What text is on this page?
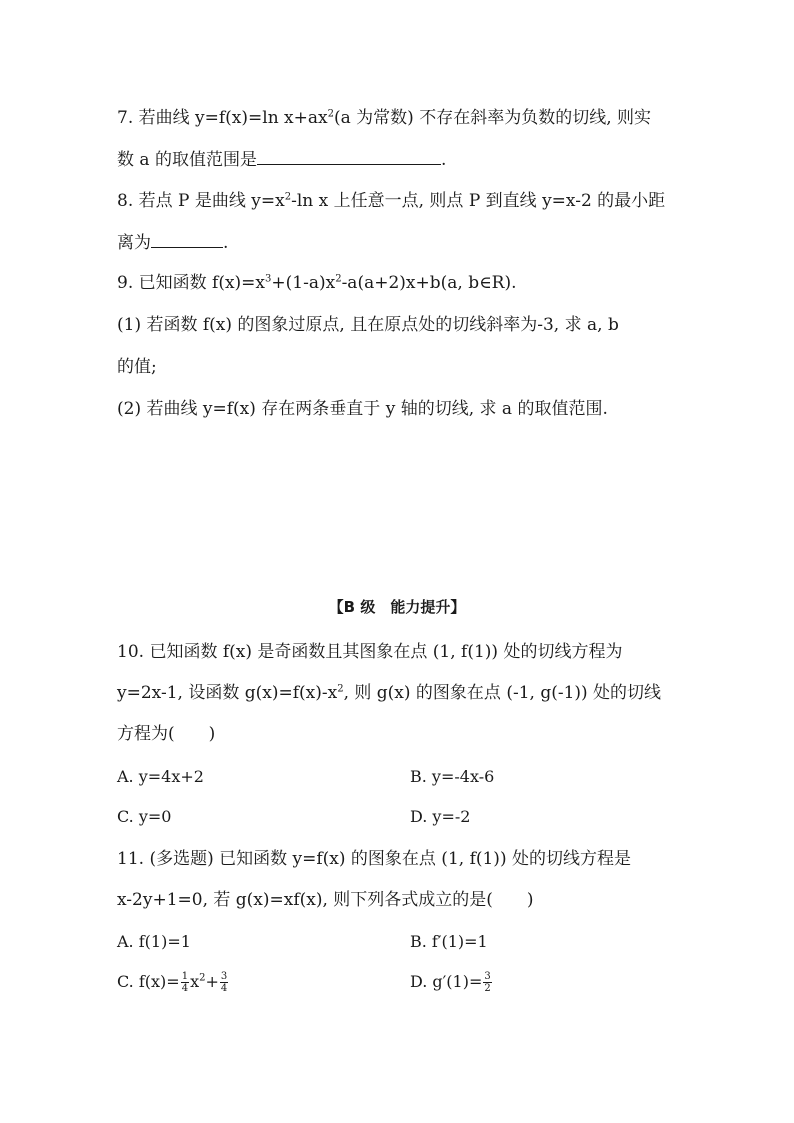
7. 若曲线 y=f(x)=ln $x+ax^2(a$ 为常数) 不存在斜率为负数的切线, 则实
数 a 的取值范围是	.
8. 若点 P 是曲线 $y=x^2-\ln$ x 上任意一点, 则点 P 到直线 y=x-2 的最小距
离为	.
9. 已知函数 $f(x)=x^3+(1-a)x^2-a(a+2)x+b(a$, b∈R).
(1) 若函数 f(x) 的图象过原点, 且在原点处的切线斜率为-3, 求 a, b
的值;
(2) 若曲线 y=f(x) 存在两条垂直于 y 轴的切线, 求 a 的取值范围.
【B 级　能力提升】
10. 已知函数 f(x) 是奇函数且其图象在点 (1, f(1)) 处的切线方程为
y=2x-1, 设函数 $g(x)=f(x)-x^2$, 则 g(x) 的图象在点 (-1, g(-1)) 处的切线
方程为(　　)
A. y=4x+2	B. y=-4x-6
C. y=0	D. y=-2
11. (多选题) 已知函数 y=f(x) 的图象在点 (1, f(1)) 处的切线方程是
x-2y+1=0, 若 g(x)=xf(x), 则下列各式成立的是(　　)
A. f(1)=1	B. f′(1)=1
C. $f(x)= \frac{1}{4} x^2+ \frac{3}{4}$	D. $g'(1)= \frac{3}{2}$
